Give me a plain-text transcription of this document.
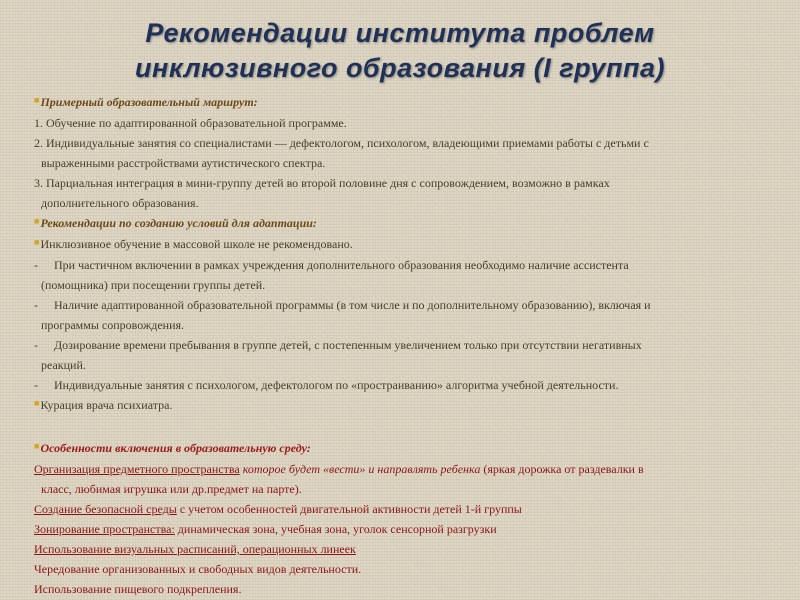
Рекомендации института проблем
инклюзивного образования (I группа)
■Примерный образовательный маршрут:
1. Обучение по адаптированной образовательной программе.
2. Индивидуальные занятия со специалистами — дефектологом, психологом, владеющими приемами работы с детьми с
выраженными расстройствами аутистического спектра.
3. Парциальная интеграция в мини-группу детей во второй половине дня с сопровождением, возможно в рамках
дополнительного образования.
■Рекомендации по созданию условий для адаптации:
■Инклюзивное обучение в массовой школе не рекомендовано.
- При частичном включении в рамках учреждения дополнительного образования необходимо наличие ассистента
(помощника) при посещении группы детей.
- Наличие адаптированной образовательной программы (в том числе и по дополнительному образованию), включая и
программы сопровождения.
- Дозирование времени пребывания в группе детей, с постепенным увеличением только при отсутствии негативных
реакций.
- Индивидуальные занятия с психологом, дефектологом по «простраиванию» алгоритма учебной деятельности.
■Курация врача психиатра.
■Особенности включения в образовательную среду:
Организация предметного пространства которое будет «вести» и направлять ребенка (яркая дорожка от раздевалки в
класс, любимая игрушка или др.предмет на парте).
Создание безопасной среды с учетом особенностей двигательной активности детей 1-й группы
Зонирование пространства: динамическая зона, учебная зона, уголок сенсорной разгрузки
Использование визуальных расписаний, операционных линеек
Чередование организованных и свободных видов деятельности.
Использование пищевого подкрепления.
